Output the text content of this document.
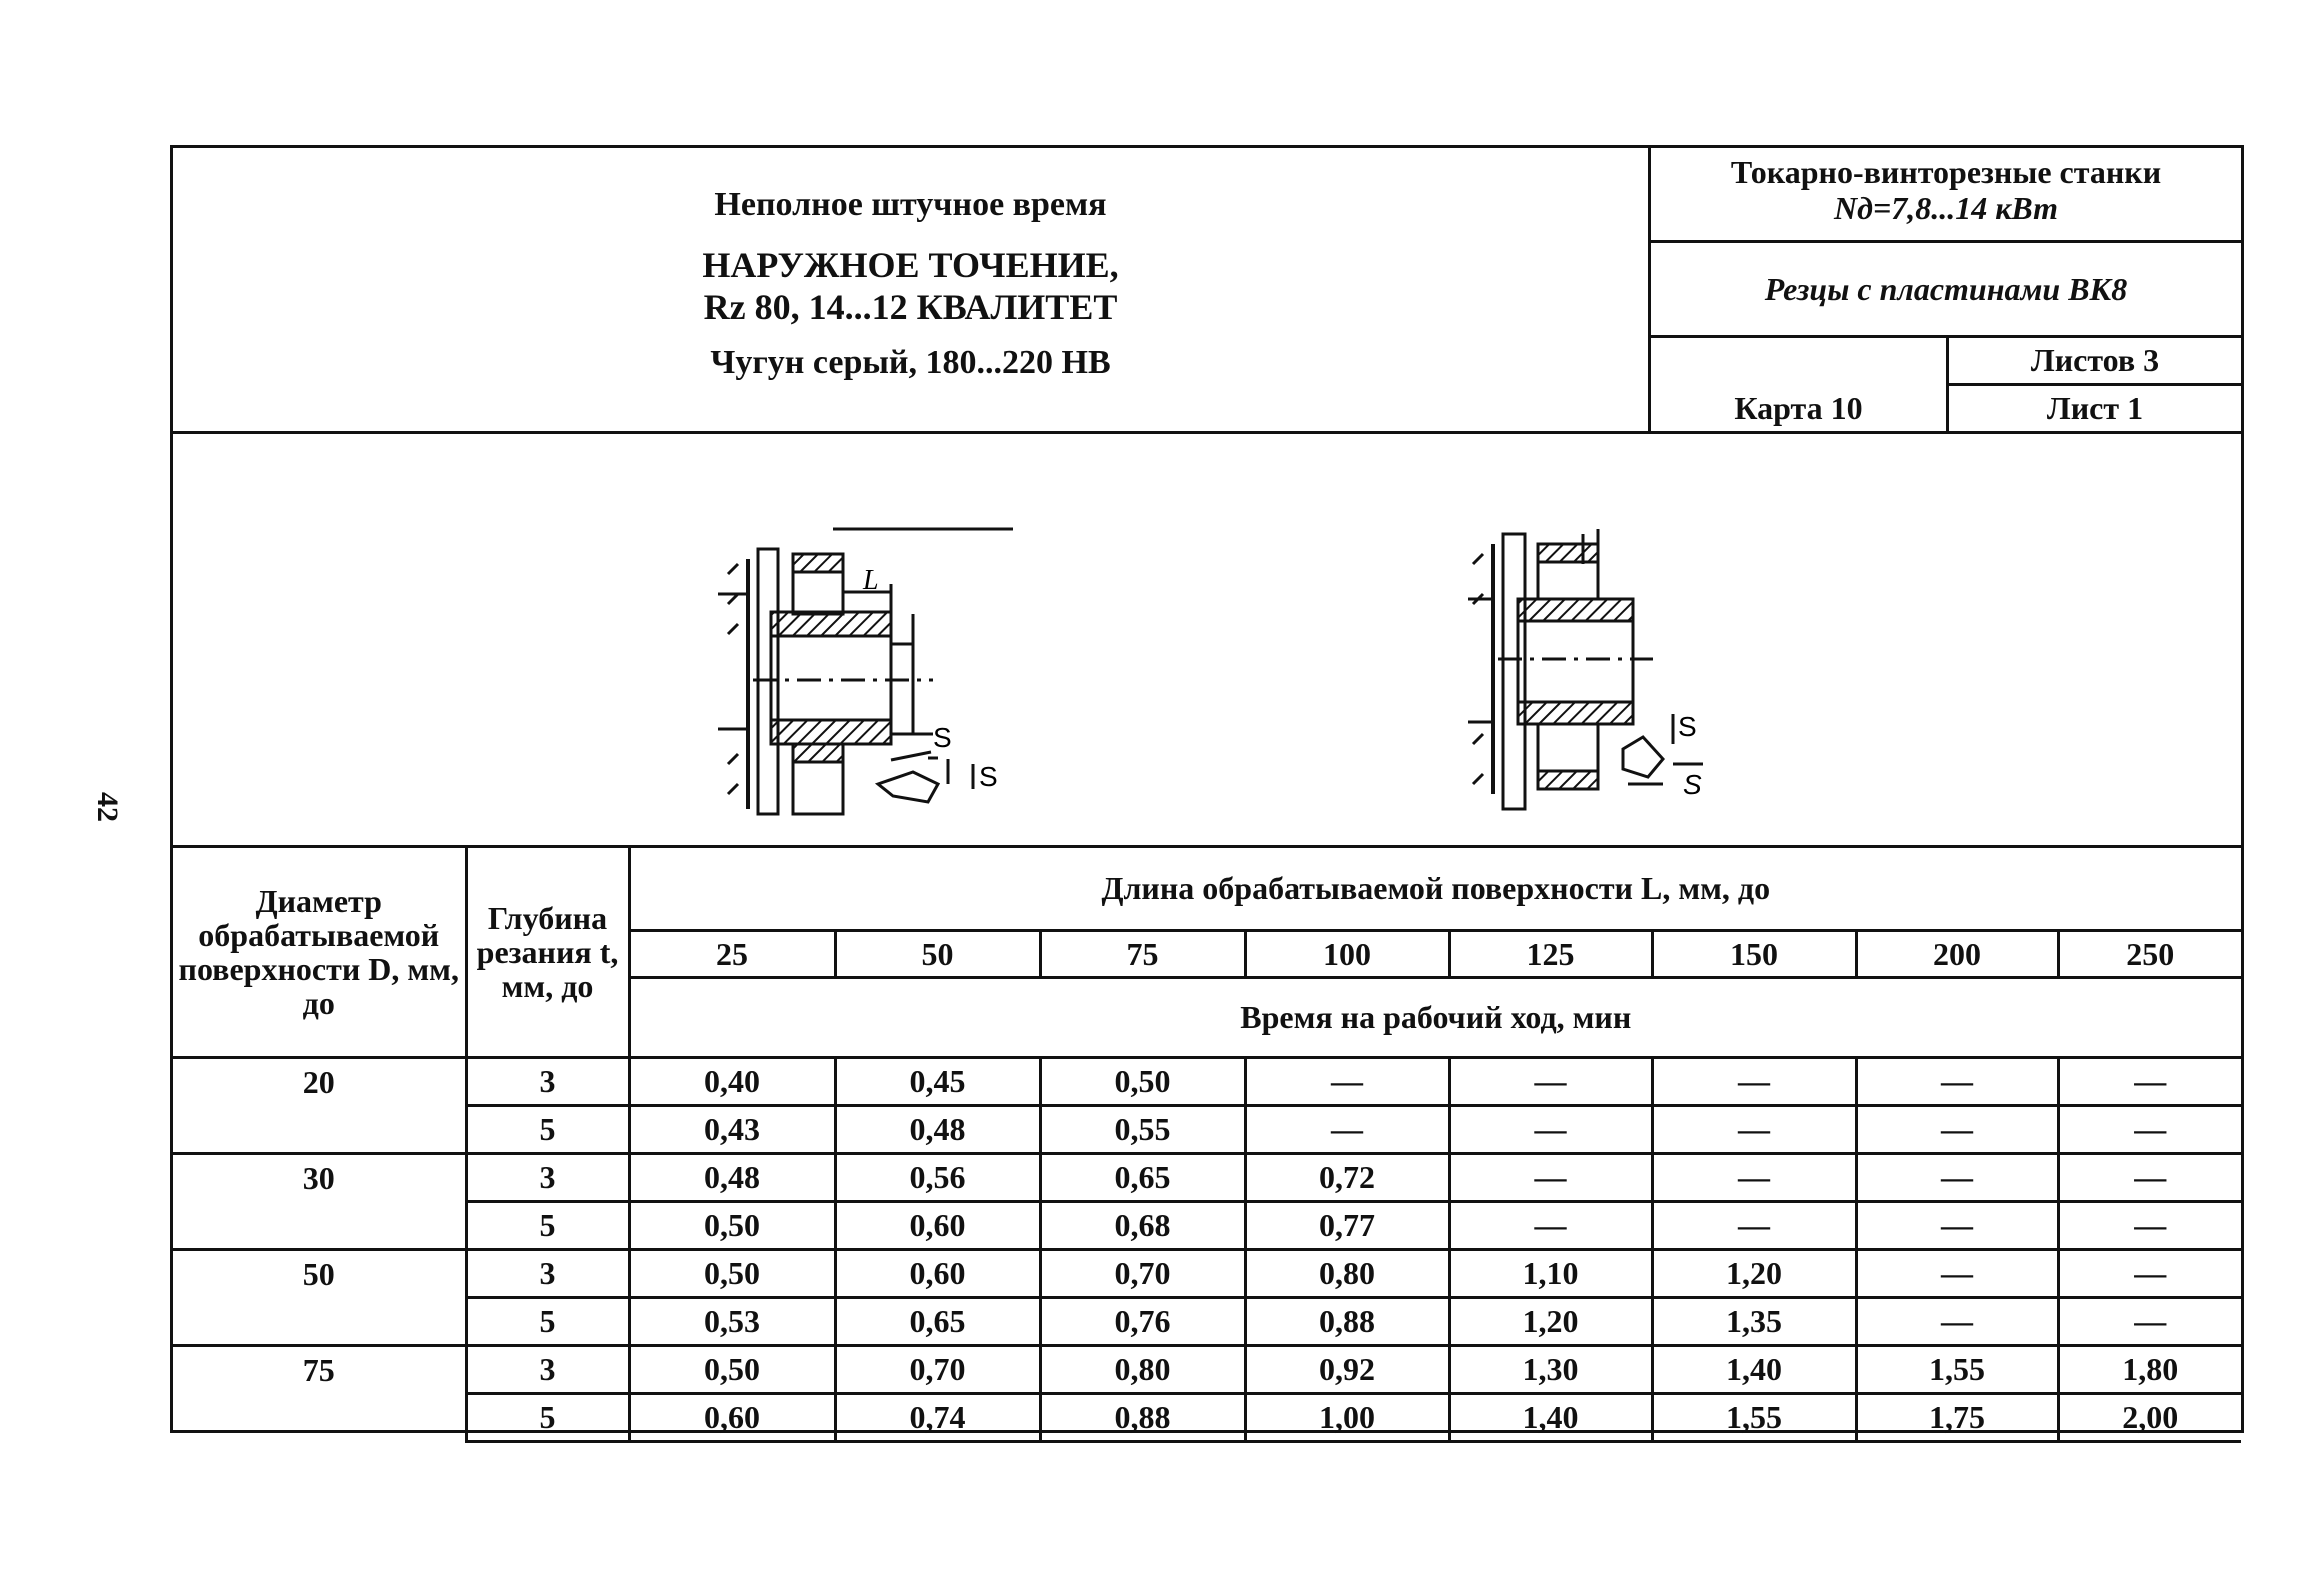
42
Неполное штучное время
НАРУЖНОЕ ТОЧЕНИЕ,
Rz 80, 14...12 КВАЛИТЕТ
Чугун серый, 180...220 НВ
Токарно-винторезные станки
Nд=7,8...14 кВт
Резцы с пластинами ВК8
Карта 10
Листов 3
Лист 1
L
S
S
S
S
Диаметр обрабатываемой поверхности D, мм, до	Глубина резания t, мм, до	Длина обрабатываемой поверхности L, мм, до							
		25	50	75	100	125	150	200	250
		Время на рабочий ход, мин							
20	3	0,40	0,45	0,50	—	—	—	—	—
	5	0,43	0,48	0,55	—	—	—	—	—
30	3	0,48	0,56	0,65	0,72	—	—	—	—
	5	0,50	0,60	0,68	0,77	—	—	—	—
50	3	0,50	0,60	0,70	0,80	1,10	1,20	—	—
	5	0,53	0,65	0,76	0,88	1,20	1,35	—	—
75	3	0,50	0,70	0,80	0,92	1,30	1,40	1,55	1,80
	5	0,60	0,74	0,88	1,00	1,40	1,55	1,75	2,00
